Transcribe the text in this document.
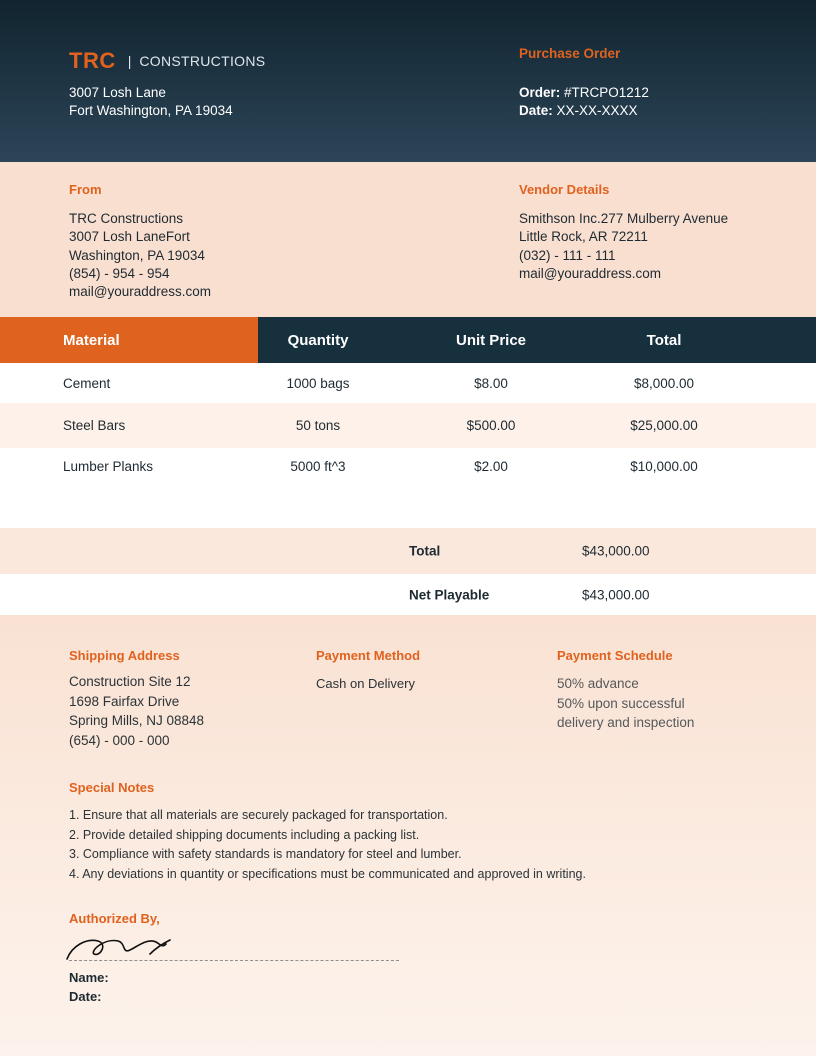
TRC | CONSTRUCTIONS
3007 Losh Lane
Fort Washington, PA 19034
Purchase Order
Order: #TRCPO1212
Date: XX-XX-XXXX
From

TRC Constructions

3007 Losh LaneFort

Washington, PA 19034

(854) - 954 - 954

mail@youraddress.com

Vendor Details

Smithson Inc.277 Mulberry Avenue

Little Rock, AR 72211

(032) - 111 - 111

mail@youraddress.com

Material	Quantity	Unit Price	Total
Cement	1000 bags	$8.00	$8,000.00
Steel Bars	50 tons	$500.00	$25,000.00
Lumber Planks	5000 ft^3	$2.00	$10,000.00
Total	$43,000.00
Net Playable	$43,000.00
Shipping Address
Construction Site 12
1698 Fairfax Drive
Spring Mills, NJ 08848
(654) - 000 - 000
Payment Method
Cash on Delivery
Payment Schedule
50% advance
50% upon successful
delivery and inspection
Special Notes
1. Ensure that all materials are securely packaged for transportation.
2. Provide detailed shipping documents including a packing list.
3. Compliance with safety standards is mandatory for steel and lumber.
4. Any deviations in quantity or specifications must be communicated and approved in writing.
Authorized By,
Name:
Date:
